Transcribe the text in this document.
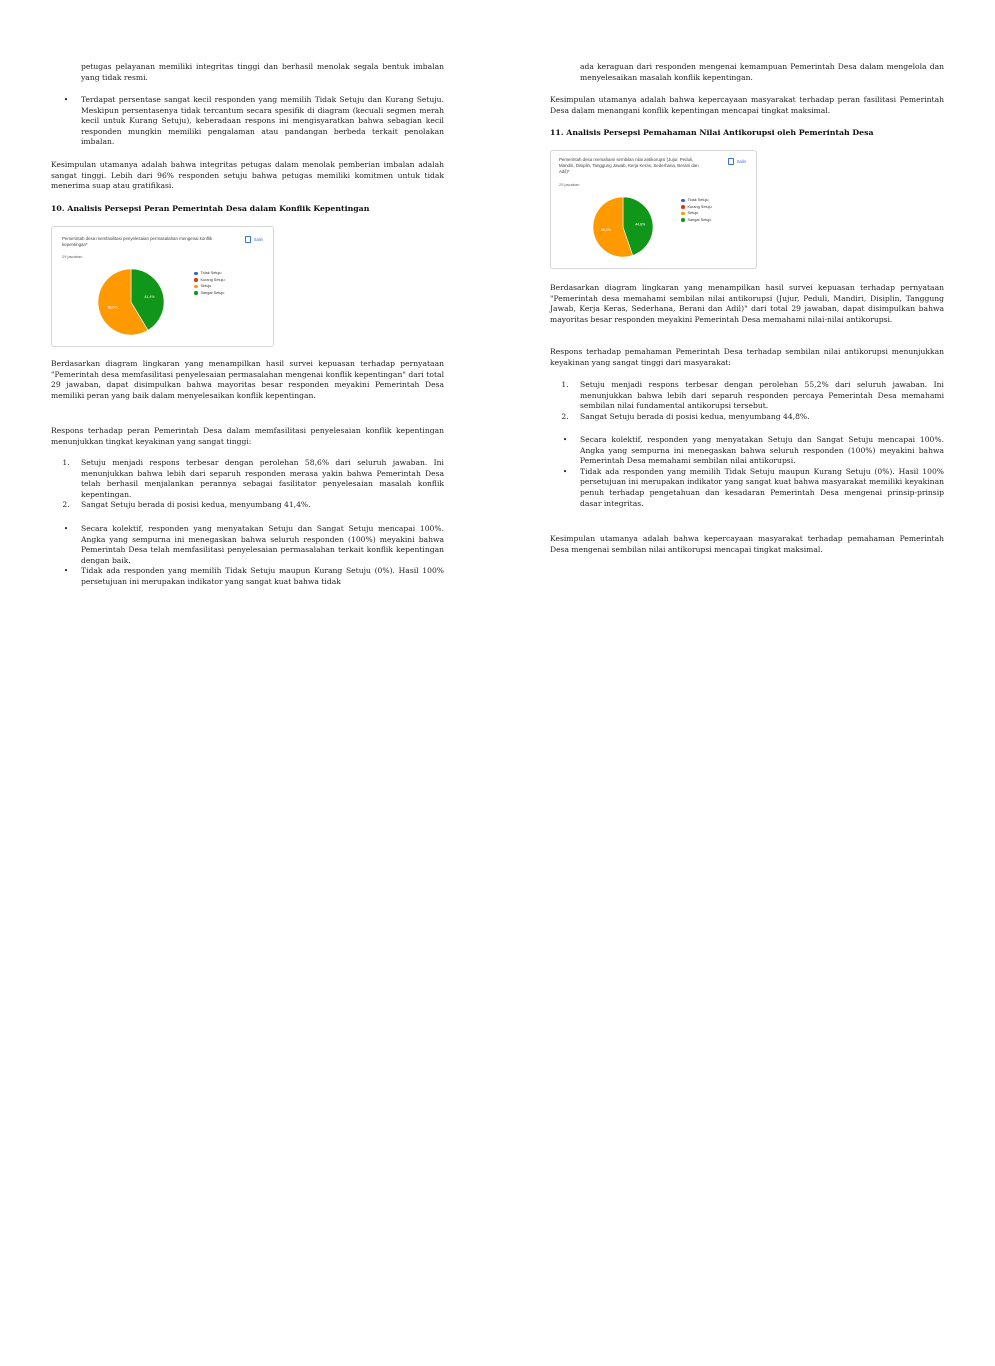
petugas pelayanan memiliki integritas tinggi dan berhasil menolak segala bentuk imbalan yang tidak resmi.

•	Terdapat persentase sangat kecil responden yang memilih Tidak Setuju dan Kurang Setuju. Meskipun persentasenya tidak tercantum secara spesifik di diagram (kecuali segmen merah kecil untuk Kurang Setuju), keberadaan respons ini mengisyaratkan bahwa sebagian kecil responden mungkin memiliki pengalaman atau pandangan berbeda terkait penolakan imbalan.

Kesimpulan utamanya adalah bahwa integritas petugas dalam menolak pemberian imbalan adalah sangat tinggi. Lebih dari 96% responden setuju bahwa petugas memiliki komitmen untuk tidak menerima suap atau gratifikasi.

10. Analisis Persepsi Peran Pemerintah Desa dalam Konflik Kepentingan
Pemerintah desa memfasilitasi penyelesaian permasalahan mengenai konflik kepentingan*
29 jawaban
Salin
41,4%
58,6%
Tidak Setuju
Kurang Setuju
Setuju
Sangat Setuju

Berdasarkan diagram lingkaran yang menampilkan hasil survei kepuasan terhadap pernyataan "Pemerintah desa memfasilitasi penyelesaian permasalahan mengenai konflik kepentingan" dari total 29 jawaban, dapat disimpulkan bahwa mayoritas besar responden meyakini Pemerintah Desa memiliki peran yang baik dalam menyelesaikan konflik kepentingan.

Respons terhadap peran Pemerintah Desa dalam memfasilitasi penyelesaian konflik kepentingan menunjukkan tingkat keyakinan yang sangat tinggi:

1.	Setuju menjadi respons terbesar dengan perolehan 58,6% dari seluruh jawaban. Ini menunjukkan bahwa lebih dari separuh responden merasa yakin bahwa Pemerintah Desa telah berhasil menjalankan perannya sebagai fasilitator penyelesaian masalah konflik kepentingan.

2.	Sangat Setuju berada di posisi kedua, menyumbang 41,4%.

•	Secara kolektif, responden yang menyatakan Setuju dan Sangat Setuju mencapai 100%. Angka yang sempurna ini menegaskan bahwa seluruh responden (100%) meyakini bahwa Pemerintah Desa telah memfasilitasi penyelesaian permasalahan terkait konflik kepentingan dengan baik.

•	Tidak ada responden yang memilih Tidak Setuju maupun Kurang Setuju (0%). Hasil 100% persetujuan ini merupakan indikator yang sangat kuat bahwa tidak

ada keraguan dari responden mengenai kemampuan Pemerintah Desa dalam mengelola dan menyelesaikan masalah konflik kepentingan.

Kesimpulan utamanya adalah bahwa kepercayaan masyarakat terhadap peran fasilitasi Pemerintah Desa dalam menangani konflik kepentingan mencapai tingkat maksimal.

11. Analisis Persepsi Pemahaman Nilai Antikorupsi oleh Pemerintah Desa
Pemerintah desa memahami sembilan nilai antikorupsi (Jujur, Peduli, Mandiri, Disiplin, Tanggung Jawab, Kerja Keras, Sederhana, Berani dan Adil)*
29 jawaban
Salin
44,8%
55,2%
Tidak Setuju
Kurang Setuju
Setuju
Sangat Setuju

Berdasarkan diagram lingkaran yang menampilkan hasil survei kepuasan terhadap pernyataan "Pemerintah desa memahami sembilan nilai antikorupsi (Jujur, Peduli, Mandiri, Disiplin, Tanggung Jawab, Kerja Keras, Sederhana, Berani dan Adil)" dari total 29 jawaban, dapat disimpulkan bahwa mayoritas besar responden meyakini Pemerintah Desa memahami nilai-nilai antikorupsi.

Respons terhadap pemahaman Pemerintah Desa terhadap sembilan nilai antikorupsi menunjukkan keyakinan yang sangat tinggi dari masyarakat:

1.	Setuju menjadi respons terbesar dengan perolehan 55,2% dari seluruh jawaban. Ini menunjukkan bahwa lebih dari separuh responden percaya Pemerintah Desa memahami sembilan nilai fundamental antikorupsi tersebut.

2.	Sangat Setuju berada di posisi kedua, menyumbang 44,8%.

•	Secara kolektif, responden yang menyatakan Setuju dan Sangat Setuju mencapai 100%. Angka yang sempurna ini menegaskan bahwa seluruh responden (100%) meyakini bahwa Pemerintah Desa memahami sembilan nilai antikorupsi.

•	Tidak ada responden yang memilih Tidak Setuju maupun Kurang Setuju (0%). Hasil 100% persetujuan ini merupakan indikator yang sangat kuat bahwa masyarakat memiliki keyakinan penuh terhadap pengetahuan dan kesadaran Pemerintah Desa mengenai prinsip-prinsip dasar integritas.

Kesimpulan utamanya adalah bahwa kepercayaan masyarakat terhadap pemahaman Pemerintah Desa mengenai sembilan nilai antikorupsi mencapai tingkat maksimal.
